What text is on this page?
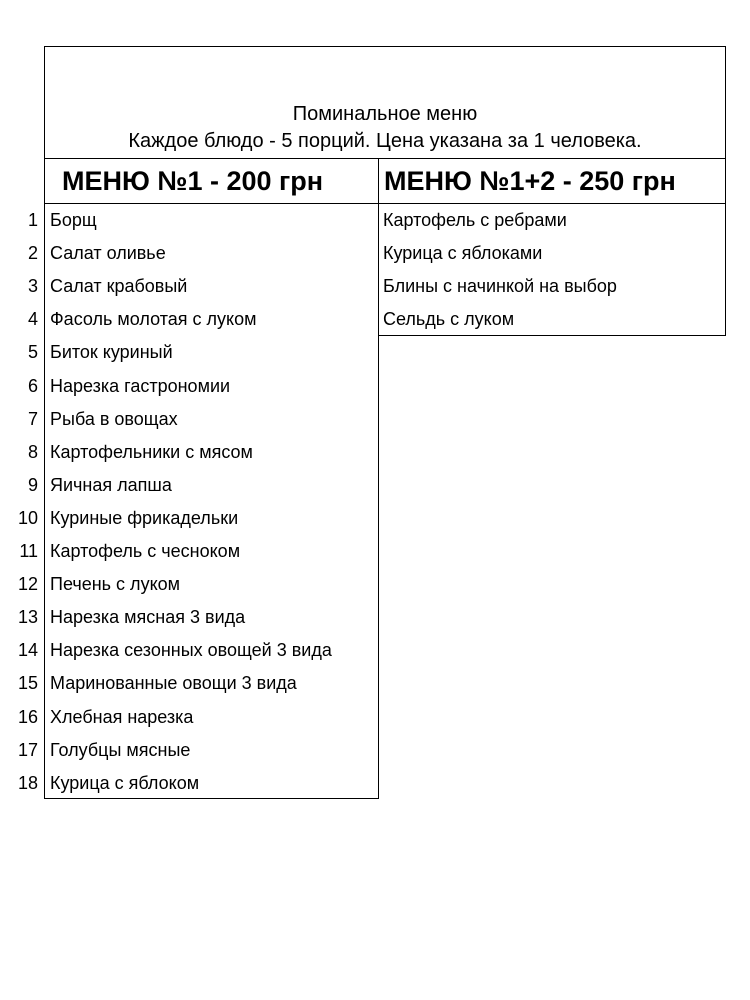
Поминальное меню
Каждое блюдо - 5 порций. Цена указана за 1 человека.
МЕНЮ №1 - 200 грн	МЕНЮ №1+2 - 250 грн
1
2
3
4
5
6
7
8
9
10
11
12
13
14
15
16
17
18
Борщ
Салат оливье
Салат крабовый
Фасоль молотая с луком
Биток куриный
Нарезка гастрономии
Рыба в овощах
Картофельники с мясом
Яичная лапша
Куриные фрикадельки
Картофель с чесноком
Печень с луком
Нарезка мясная 3 вида
Нарезка сезонных овощей 3 вида
Маринованные овощи 3 вида
Хлебная нарезка
Голубцы мясные
Курица с яблоком
Картофель с ребрами
Курица с яблоками
Блины с начинкой на выбор
Сельдь с луком
